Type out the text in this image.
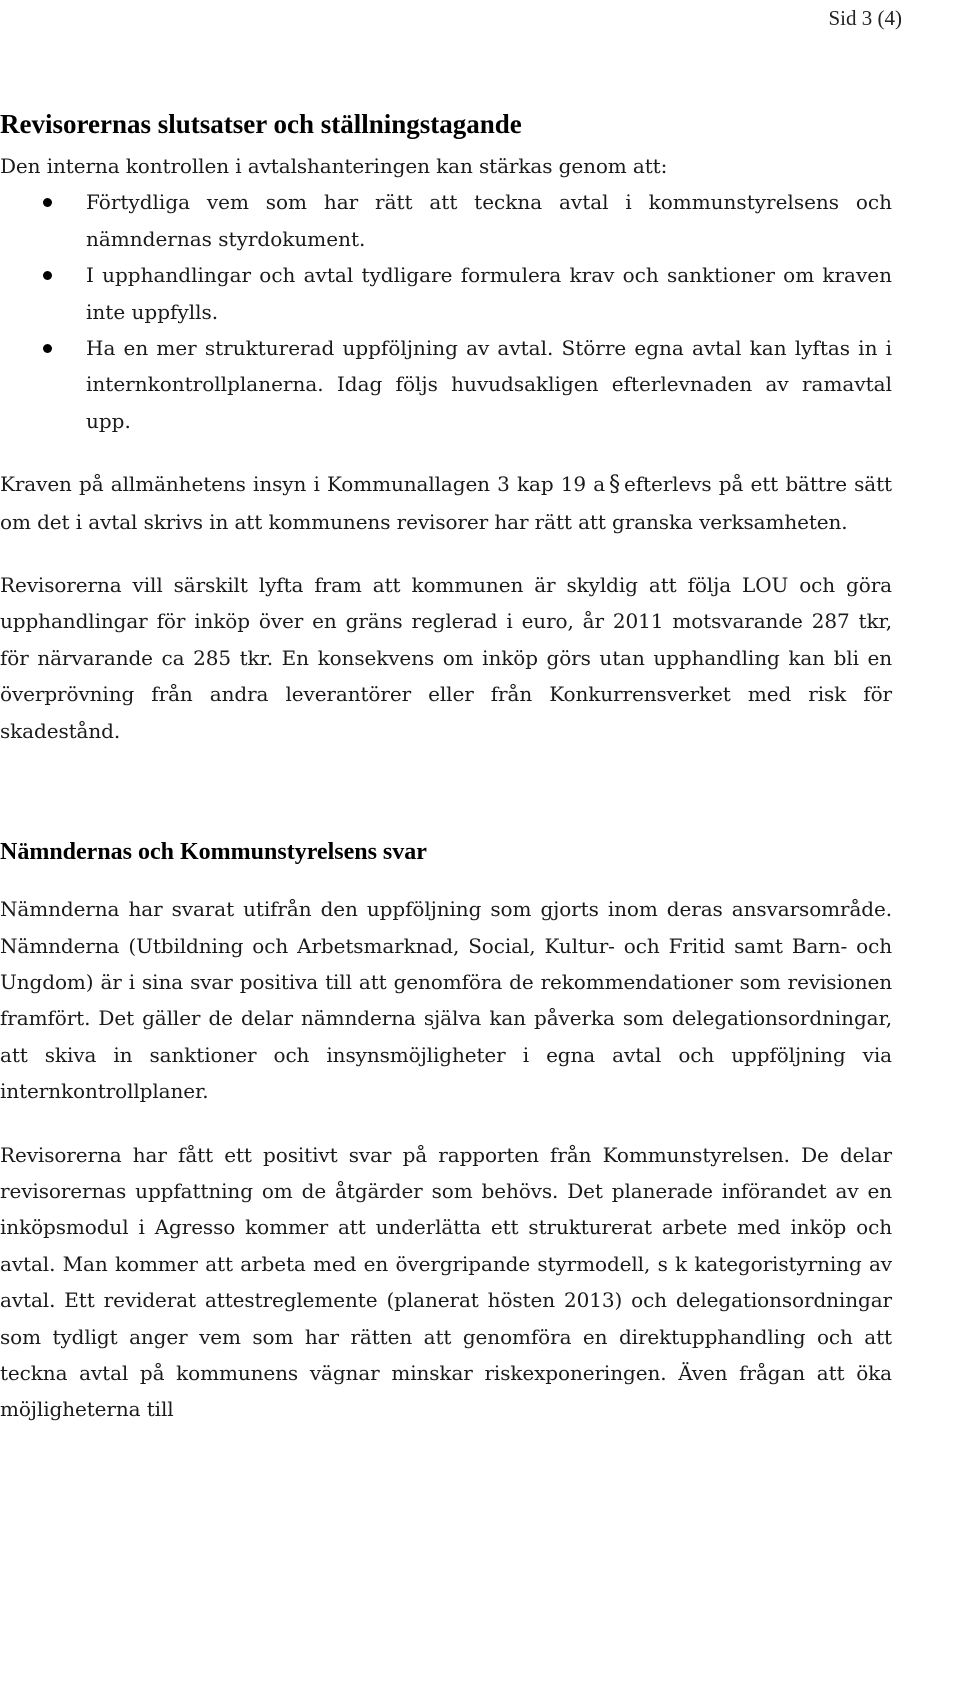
Sid 3 (4)
Revisorernas slutsatser och ställningstagande

Den interna kontrollen i avtalshanteringen kan stärkas genom att:

Förtydliga vem som har rätt att teckna avtal i kommunstyrelsens och nämndernas styrdokument.
I upphandlingar och avtal tydligare formulera krav och sanktioner om kraven inte uppfylls.
Ha en mer strukturerad uppföljning av avtal. Större egna avtal kan lyftas in i internkontrollplanerna. Idag följs huvudsakligen efterlevnaden av ramavtal upp.

Kraven på allmänhetens insyn i Kommunallagen 3 kap 19 a § efterlevs på ett bättre sätt om det i avtal skrivs in att kommunens revisorer har rätt att granska verksamheten.

Revisorerna vill särskilt lyfta fram att kommunen är skyldig att följa LOU och göra upphandlingar för inköp över en gräns reglerad i euro, år 2011 motsvarande 287 tkr, för närvarande ca 285 tkr. En konsekvens om inköp görs utan upphandling kan bli en överprövning från andra leverantörer eller från Konkurrensverket med risk för skadestånd.

Nämndernas och Kommunstyrelsens svar

Nämnderna har svarat utifrån den uppföljning som gjorts inom deras ansvarsområde. Nämnderna (Utbildning och Arbetsmarknad, Social, Kultur- och Fritid samt Barn- och Ungdom) är i sina svar positiva till att genomföra de rekommendationer som revisionen framfört. Det gäller de delar nämnderna själva kan påverka som delegationsordningar, att skiva in sanktioner och insynsmöjligheter i egna avtal och uppföljning via internkontrollplaner.

Revisorerna har fått ett positivt svar på rapporten från Kommunstyrelsen. De delar revisorernas uppfattning om de åtgärder som behövs. Det planerade införandet av en inköpsmodul i Agresso kommer att underlätta ett strukturerat arbete med inköp och avtal. Man kommer att arbeta med en övergripande styrmodell, s k kategoristyrning av avtal. Ett reviderat attestreglemente (planerat hösten 2013) och delegationsordningar som tydligt anger vem som har rätten att genomföra en direktupphandling och att teckna avtal på kommunens vägnar minskar riskexponeringen. Även frågan att öka möjligheterna till
